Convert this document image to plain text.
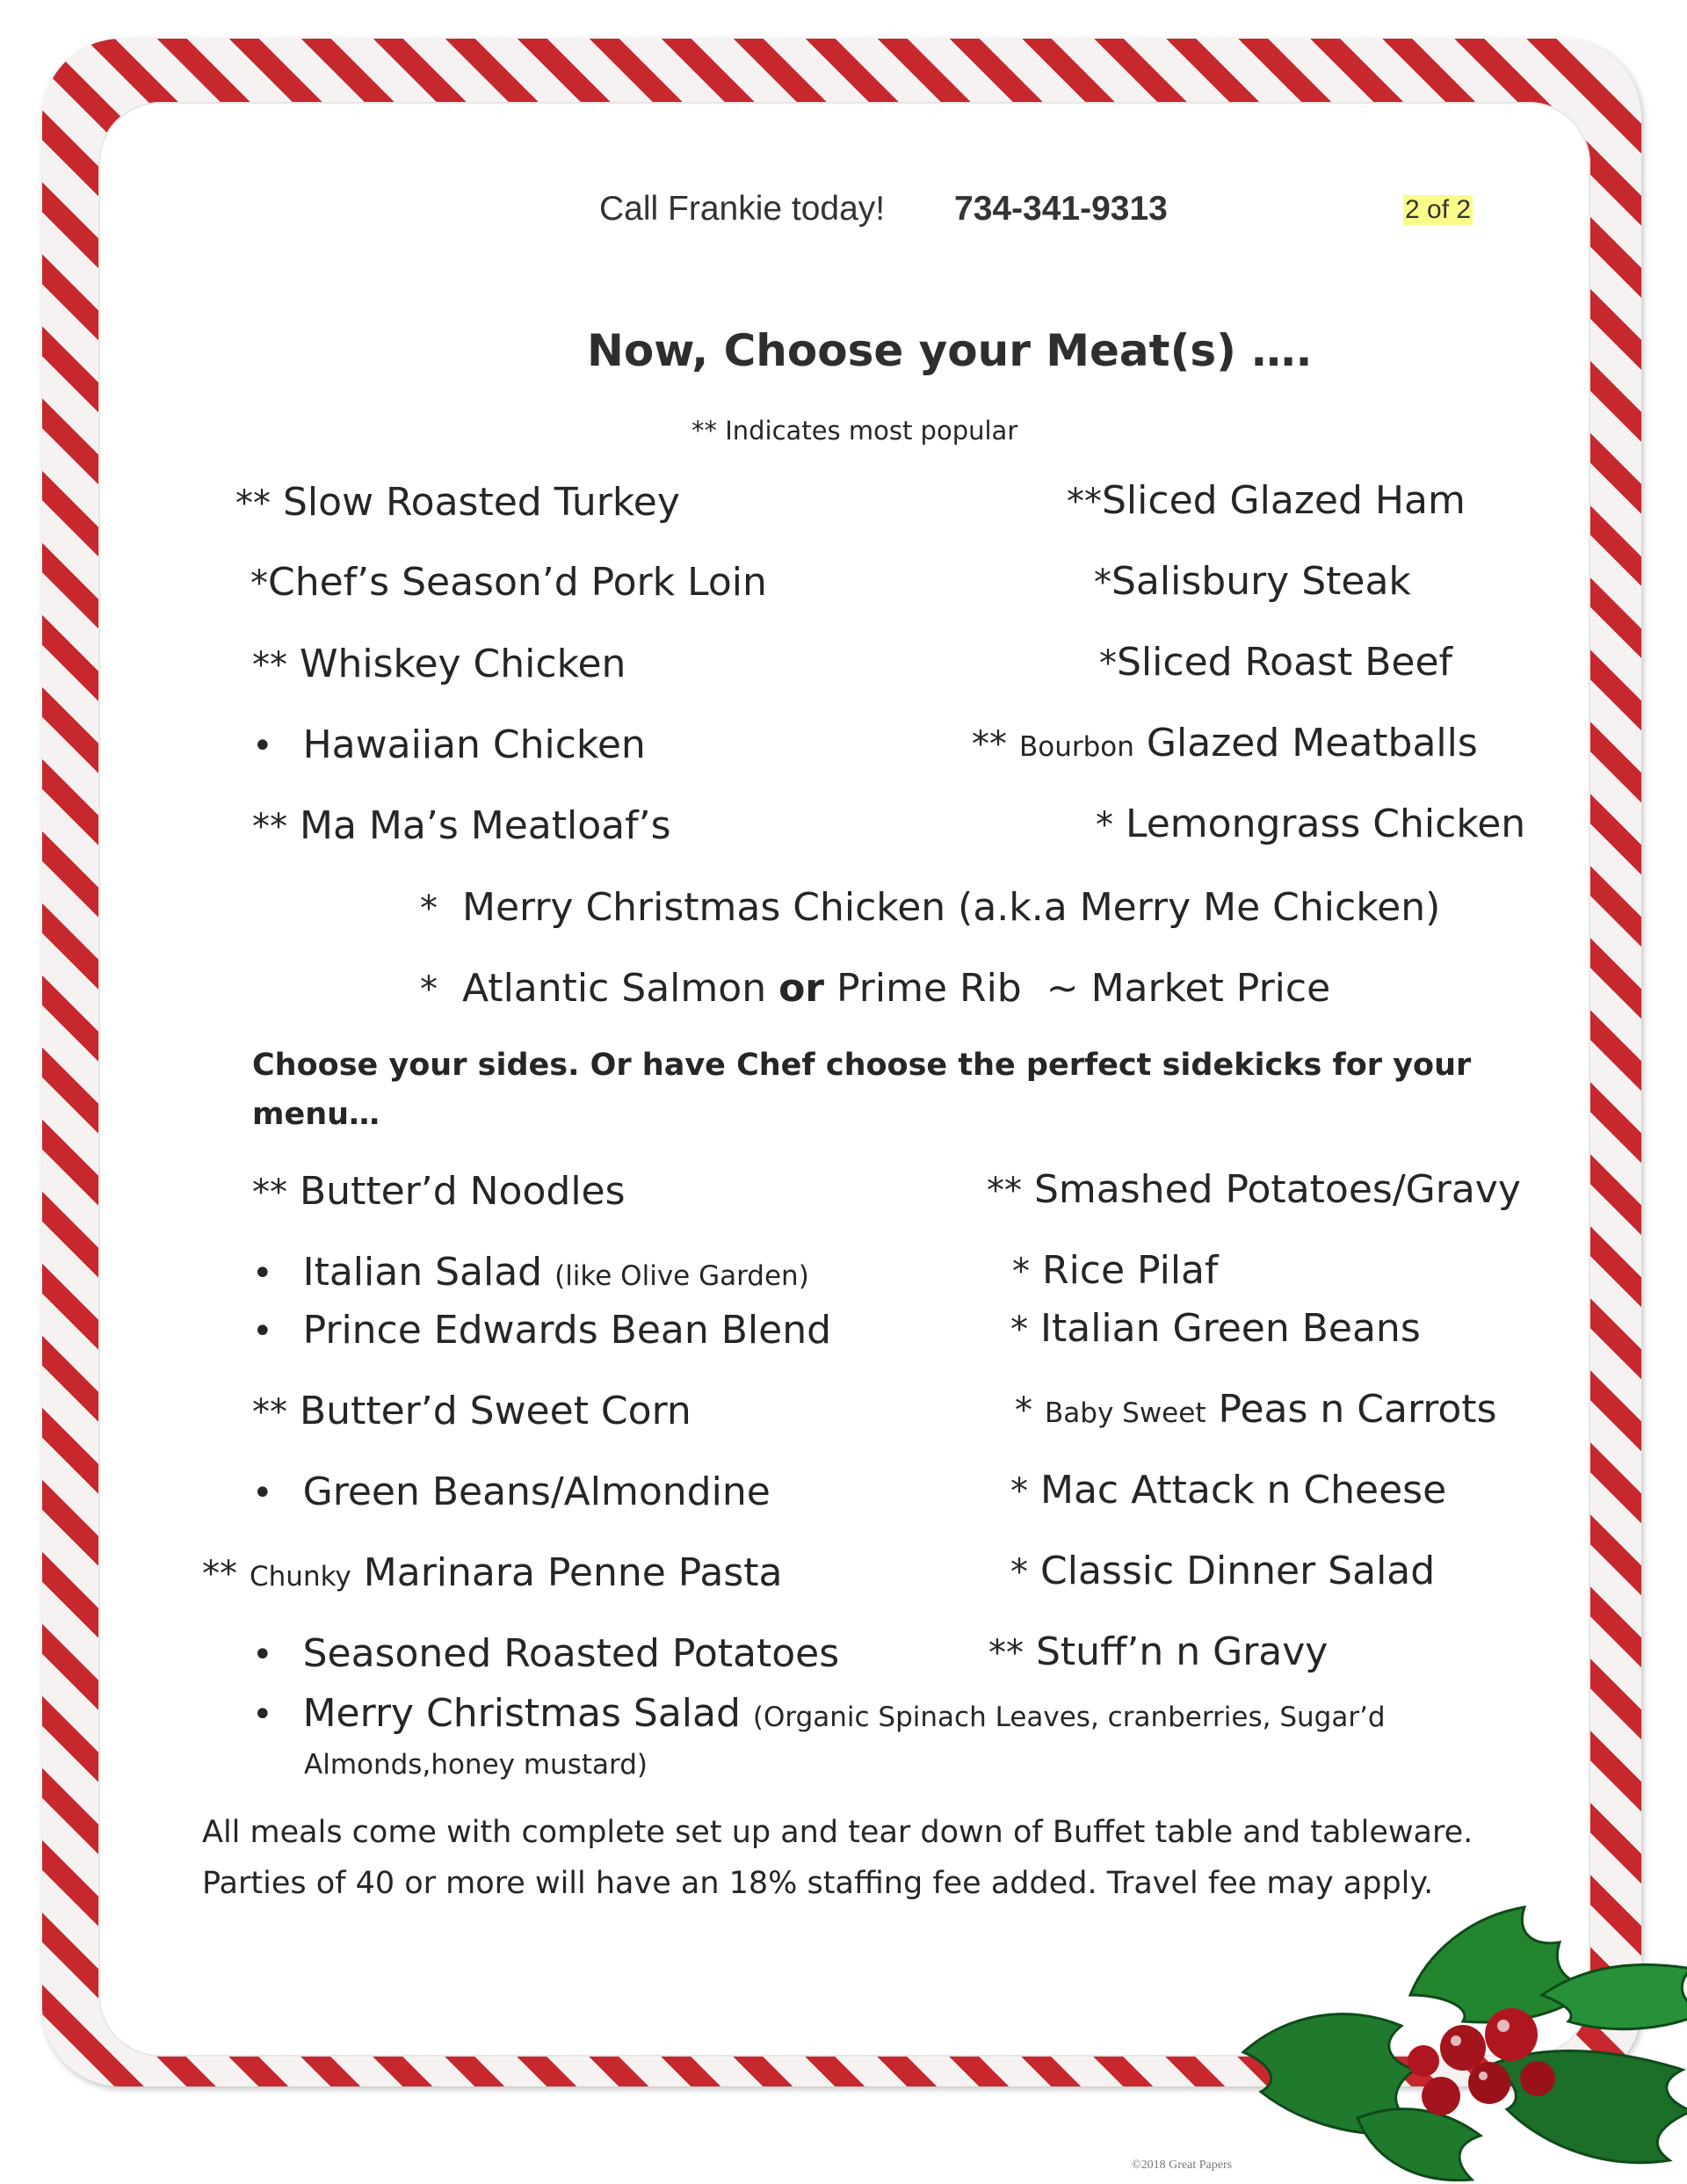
Call Frankie today! 734-341-9313	2 of 2
Now, Choose your Meat(s) ….
** Indicates most popular
** Slow Roasted Turkey
*Chef’s Season’d Pork Loin
** Whiskey Chicken
• Hawaiian Chicken
** Ma Ma’s Meatloaf’s
**Sliced Glazed Ham
*Salisbury Steak
*Sliced Roast Beef
** Bourbon Glazed Meatballs
* Lemongrass Chicken
* Merry Christmas Chicken (a.k.a Merry Me Chicken)
* Atlantic Salmon or Prime Rib ~ Market Price
Choose your sides. Or have Chef choose the perfect sidekicks for your menu…
** Butter’d Noodles
• Italian Salad (like Olive Garden)
• Prince Edwards Bean Blend
** Butter’d Sweet Corn
• Green Beans/Almondine
** Chunky Marinara Penne Pasta
• Seasoned Roasted Potatoes
• Merry Christmas Salad (Organic Spinach Leaves, cranberries, Sugar’d
Almonds,honey mustard)
** Smashed Potatoes/Gravy
* Rice Pilaf
* Italian Green Beans
* Baby Sweet Peas n Carrots
* Mac Attack n Cheese
* Classic Dinner Salad
** Stuff’n n Gravy
All meals come with complete set up and tear down of Buffet table and tableware. Parties of 40 or more will have an 18% staffing fee added. Travel fee may apply.
©2018 Great Papers
